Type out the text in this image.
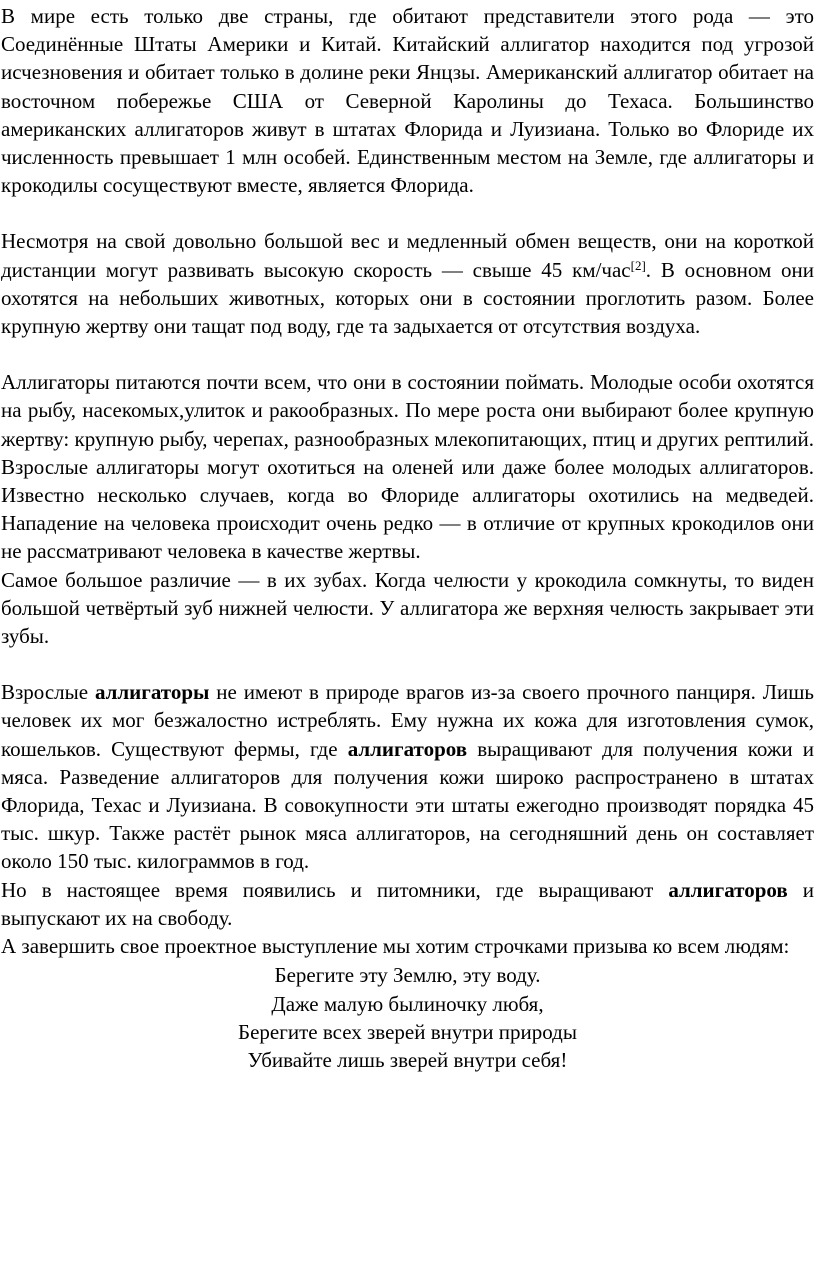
В мире есть только две страны, где обитают представители этого рода — это Соединённые Штаты Америки и Китай. Китайский аллигатор находится под угрозой исчезновения и обитает только в долине реки Янцзы. Американский аллигатор обитает на восточном побережье США от Северной Каролины до Техаса. Большинство американских аллигаторов живут в штатах Флорида и Луизиана. Только во Флориде их численность превышает 1 млн особей. Единственным местом на Земле, где аллигаторы и крокодилы сосуществуют вместе, является Флорида.

Несмотря на свой довольно большой вес и медленный обмен веществ, они на короткой дистанции могут развивать высокую скорость — свыше 45 км/час[2]. В основном они охотятся на небольших животных, которых они в состоянии проглотить разом. Более крупную жертву они тащат под воду, где та задыхается от отсутствия воздуха.

Аллигаторы питаются почти всем, что они в состоянии поймать. Молодые особи охотятся на рыбу, насекомых,улиток и ракообразных. По мере роста они выбирают более крупную жертву: крупную рыбу, черепах, разнообразных млекопитающих, птиц и других рептилий. Взрослые аллигаторы могут охотиться на оленей или даже более молодых аллигаторов. Известно несколько случаев, когда во Флориде аллигаторы охотились на медведей. Нападение на человека происходит очень редко — в отличие от крупных крокодилов они не рассматривают человека в качестве жертвы.

Самое большое различие — в их зубах. Когда челюсти у крокодила сомкнуты, то виден большой четвёртый зуб нижней челюсти. У аллигатора же верхняя челюсть закрывает эти зубы.

Взрослые аллигаторы не имеют в природе врагов из-за своего прочного панциря. Лишь человек их мог безжалостно истреблять. Ему нужна их кожа для изготовления сумок, кошельков. Существуют фермы, где аллигаторов выращивают для получения кожи и мяса. Разведение аллигаторов для получения кожи широко распространено в штатах Флорида, Техас и Луизиана. В совокупности эти штаты ежегодно производят порядка 45 тыс. шкур. Также растёт рынок мяса аллигаторов, на сегодняшний день он составляет около 150 тыс. килограммов в год.

Но в настоящее время появились и питомники, где выращивают аллигаторов и выпускают их на свободу.

А завершить свое проектное выступление мы хотим строчками призыва ко всем людям:

Берегите эту Землю, эту воду.
Даже малую былиночку любя,
Берегите всех зверей внутри природы
Убивайте лишь зверей внутри себя!
